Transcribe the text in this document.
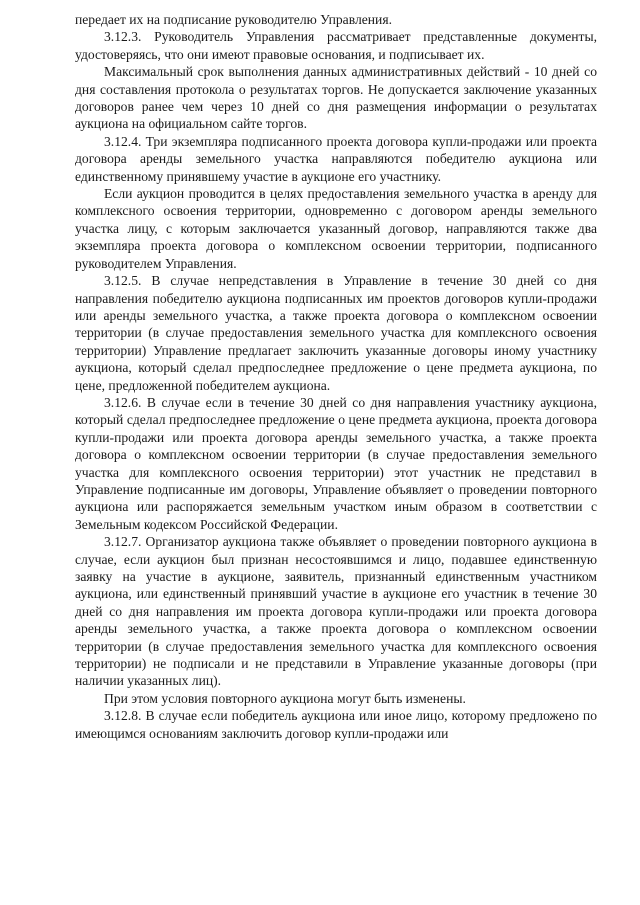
передает их на подписание руководителю Управления.

3.12.3. Руководитель Управления рассматривает представленные документы, удостоверяясь, что они имеют правовые основания, и подписывает их.

Максимальный срок выполнения данных административных действий - 10 дней со дня составления протокола о результатах торгов. Не допускается заключение указанных договоров ранее чем через 10 дней со дня размещения информации о результатах аукциона на официальном сайте торгов.

3.12.4. Три экземпляра подписанного проекта договора купли-продажи или проекта договора аренды земельного участка направляются победителю аукциона или единственному принявшему участие в аукционе его участнику.

Если аукцион проводится в целях предоставления земельного участка в аренду для комплексного освоения территории, одновременно с договором аренды земельного участка лицу, с которым заключается указанный договор, направляются также два экземпляра проекта договора о комплексном освоении территории, подписанного руководителем Управления.

3.12.5. В случае непредставления в Управление в течение 30 дней со дня направления победителю аукциона подписанных им проектов договоров купли-продажи или аренды земельного участка, а также проекта договора о комплексном освоении территории (в случае предоставления земельного участка для комплексного освоения территории) Управление предлагает заключить указанные договоры иному участнику аукциона, который сделал предпоследнее предложение о цене предмета аукциона, по цене, предложенной победителем аукциона.

3.12.6. В случае если в течение 30 дней со дня направления участнику аукциона, который сделал предпоследнее предложение о цене предмета аукциона, проекта договора купли-продажи или проекта договора аренды земельного участка, а также проекта договора о комплексном освоении территории (в случае предоставления земельного участка для комплексного освоения территории) этот участник не представил в Управление подписанные им договоры, Управление объявляет о проведении повторного аукциона или распоряжается земельным участком иным образом в соответствии с Земельным кодексом Российской Федерации.

3.12.7. Организатор аукциона также объявляет о проведении повторного аукциона в случае, если аукцион был признан несостоявшимся и лицо, подавшее единственную заявку на участие в аукционе, заявитель, признанный единственным участником аукциона, или единственный принявший участие в аукционе его участник в течение 30 дней со дня направления им проекта договора купли-продажи или проекта договора аренды земельного участка, а также проекта договора о комплексном освоении территории (в случае предоставления земельного участка для комплексного освоения территории) не подписали и не представили в Управление указанные договоры (при наличии указанных лиц).

При этом условия повторного аукциона могут быть изменены.

3.12.8. В случае если победитель аукциона или иное лицо, которому предложено по имеющимся основаниям заключить договор купли-продажи или
